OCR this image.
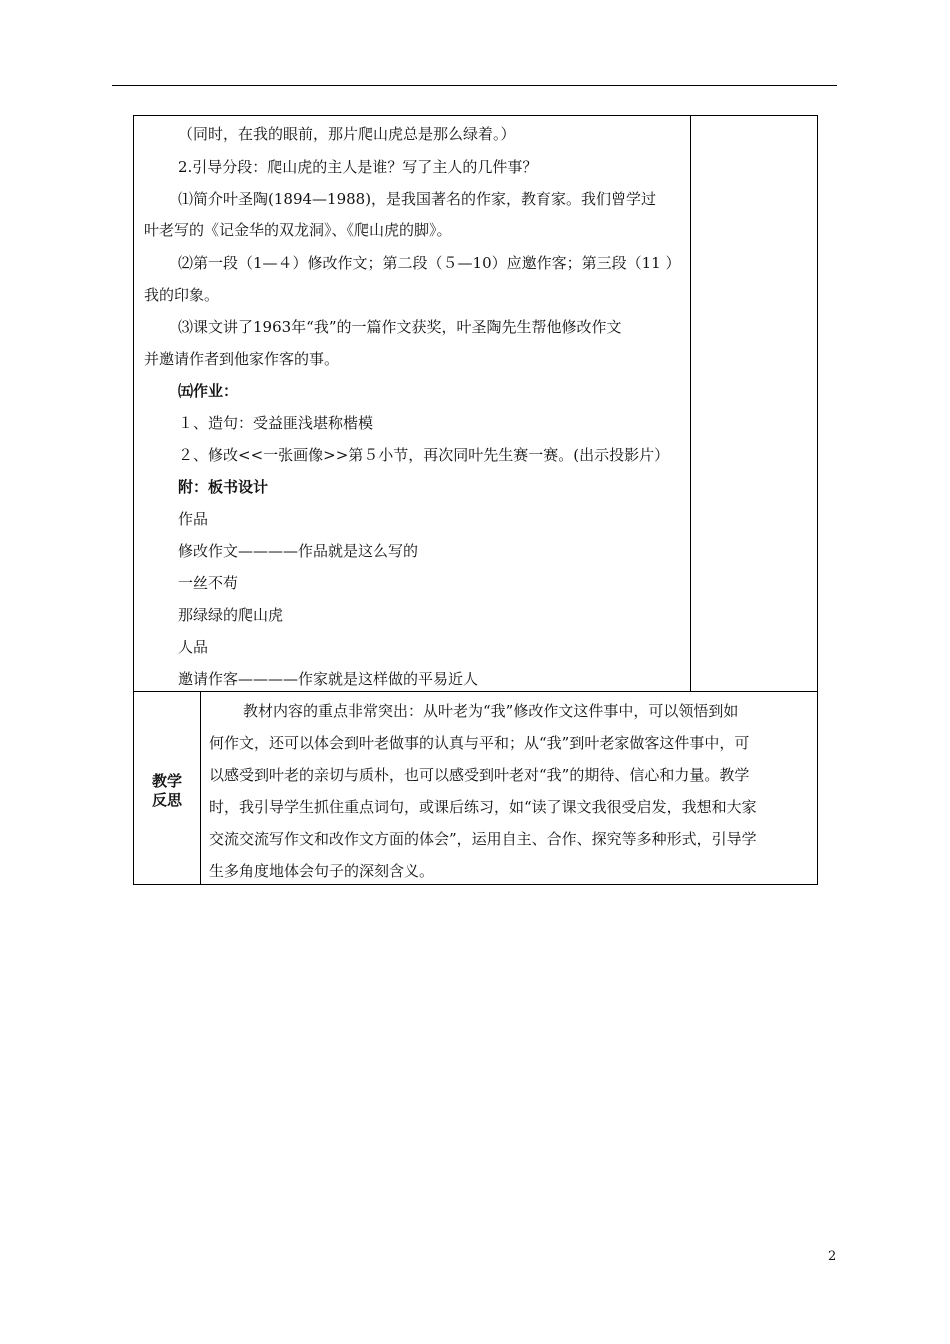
（同时，在我的眼前，那片爬山虎总是那么绿着。）
2.引导分段：爬山虎的主人是谁？写了主人的几件事？
⑴简介叶圣陶(1894—1988)，是我国著名的作家，教育家。我们曾学过
叶老写的《记金华的双龙洞》、《爬山虎的脚》。
⑵第一段（1—４）修改作文；第二段（５—10）应邀作客；第三段（11 ）
我的印象。
⑶课文讲了1963年“我”的一篇作文获奖，叶圣陶先生帮他修改作文
并邀请作者到他家作客的事。
㈤作业：
１、造句：受益匪浅堪称楷模
２、修改<<一张画像>>第５小节，再次同叶先生赛一赛。(出示投影片）
附：板书设计
作品
修改作文————作品就是这么写的
一丝不苟
那绿绿的爬山虎
人品
邀请作客————作家就是这样做的平易近人
教学
反思
教材内容的重点非常突出：从叶老为“我”修改作文这件事中，可以领悟到如
何作文，还可以体会到叶老做事的认真与平和；从“我”到叶老家做客这件事中，可
以感受到叶老的亲切与质朴，也可以感受到叶老对“我”的期待、信心和力量。教学
时，我引导学生抓住重点词句，或课后练习，如“读了课文我很受启发，我想和大家
交流交流写作文和改作文方面的体会”，运用自主、合作、探究等多种形式，引导学
生多角度地体会句子的深刻含义。
2
